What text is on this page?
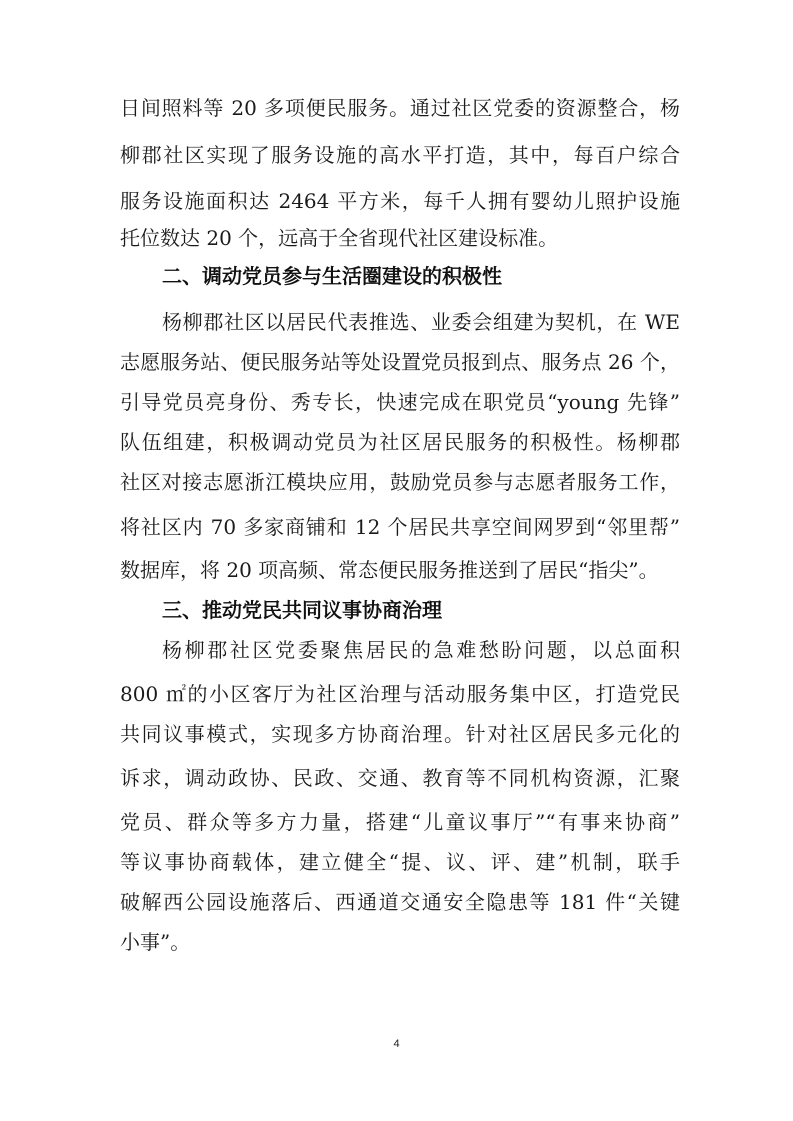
日间照料等 20 多项便民服务。通过社区党委的资源整合，杨
柳郡社区实现了服务设施的高水平打造，其中，每百户综合
服务设施面积达 2464 平方米，每千人拥有婴幼儿照护设施
托位数达 20 个，远高于全省现代社区建设标准。
二、调动党员参与生活圈建设的积极性
杨柳郡社区以居民代表推选、业委会组建为契机，在 WE
志愿服务站、便民服务站等处设置党员报到点、服务点 26 个，
引导党员亮身份、秀专长，快速完成在职党员“young 先锋”
队伍组建，积极调动党员为社区居民服务的积极性。杨柳郡
社区对接志愿浙江模块应用，鼓励党员参与志愿者服务工作，
将社区内 70 多家商铺和 12 个居民共享空间网罗到“邻里帮”
数据库，将 20 项高频、常态便民服务推送到了居民“指尖”。
三、推动党民共同议事协商治理
杨柳郡社区党委聚焦居民的急难愁盼问题，以总面积
800 ㎡的小区客厅为社区治理与活动服务集中区，打造党民
共同议事模式，实现多方协商治理。针对社区居民多元化的
诉求，调动政协、民政、交通、教育等不同机构资源，汇聚
党员、群众等多方力量，搭建“儿童议事厅”“有事来协商”
等议事协商载体，建立健全“提、议、评、建”机制，联手
破解西公园设施落后、西通道交通安全隐患等 181 件“关键
小事”。
4
